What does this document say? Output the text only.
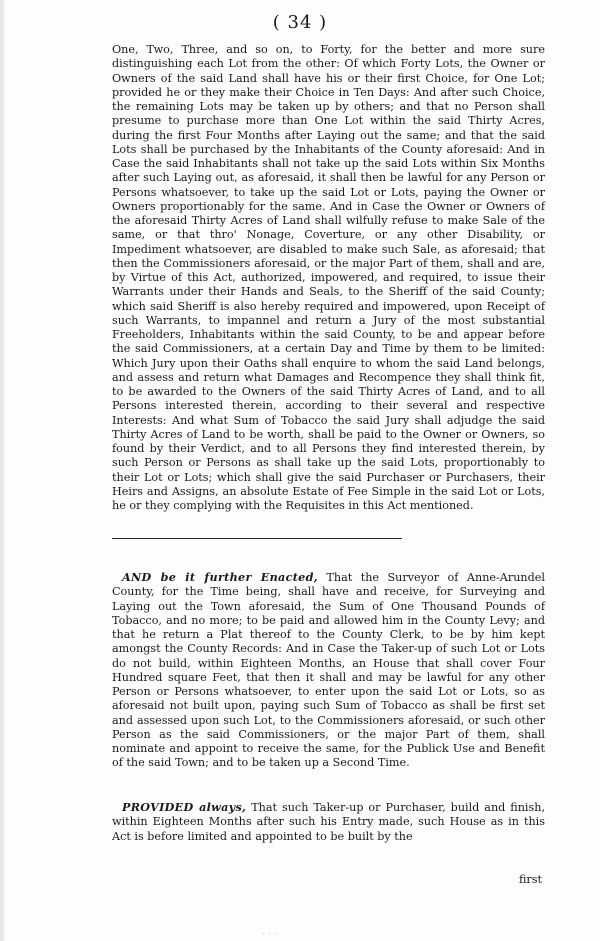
( 34 )

One, Two, Three, and so on, to Forty, for the better and more sure distinguishing each Lot from the other: Of which Forty Lots, the Owner or Owners of the said Land shall have his or their first Choice, for One Lot; provided he or they make their Choice in Ten Days: And after such Choice, the remaining Lots may be taken up by others; and that no Person shall presume to purchase more than One Lot within the said Thirty Acres, during the first Four Months after Laying out the same; and that the said Lots shall be purchased by the Inhabitants of the County aforesaid: And in Case the said Inhabitants shall not take up the said Lots within Six Months after such Laying out, as aforesaid, it shall then be lawful for any Person or Persons whatsoever, to take up the said Lot or Lots, paying the Owner or Owners proportionably for the same. And in Case the Owner or Owners of the aforesaid Thirty Acres of Land shall wilfully refuse to make Sale of the same, or that thro' Nonage, Coverture, or any other Disability, or Impediment whatsoever, are disabled to make such Sale, as aforesaid; that then the Commissioners aforesaid, or the major Part of them, shall and are, by Virtue of this Act, authorized, impowered, and required, to issue their Warrants under their Hands and Seals, to the Sheriff of the said County; which said Sheriff is also hereby required and impowered, upon Receipt of such Warrants, to impannel and return a Jury of the most substantial Freeholders, Inhabitants within the said County, to be and appear before the said Commissioners, at a certain Day and Time by them to be limited: Which Jury upon their Oaths shall enquire to whom the said Land belongs, and assess and return what Damages and Recompence they shall think fit, to be awarded to the Owners of the said Thirty Acres of Land, and to all Persons interested therein, according to their several and respective Interests: And what Sum of Tobacco the said Jury shall adjudge the said Thirty Acres of Land to be worth, shall be paid to the Owner or Owners, so found by their Verdict, and to all Persons they find interested therein, by such Person or Persons as shall take up the said Lots, proportionably to their Lot or Lots; which shall give the said Purchaser or Purchasers, their Heirs and Assigns, an absolute Estate of Fee Simple in the said Lot or Lots, he or they complying with the Requisites in this Act mentioned.

AND be it further Enacted, That the Surveyor of Anne-Arundel County, for the Time being, shall have and receive, for Surveying and Laying out the Town aforesaid, the Sum of One Thousand Pounds of Tobacco, and no more; to be paid and allowed him in the County Levy; and that he return a Plat thereof to the County Clerk, to be by him kept amongst the County Records: And in Case the Taker-up of such Lot or Lots do not build, within Eighteen Months, an House that shall cover Four Hundred square Feet, that then it shall and may be lawful for any other Person or Persons whatsoever, to enter upon the said Lot or Lots, so as aforesaid not built upon, paying such Sum of Tobacco as shall be first set and assessed upon such Lot, to the Commissioners aforesaid, or such other Person as the said Commissioners, or the major Part of them, shall nominate and appoint to receive the same, for the Publick Use and Benefit of the said Town; and to be taken up a Second Time.

PROVIDED always, That such Taker-up or Purchaser, build and finish, within Eighteen Months after such his Entry made, such House as in this Act is before limited and appointed to be built by the

first
· · ·
